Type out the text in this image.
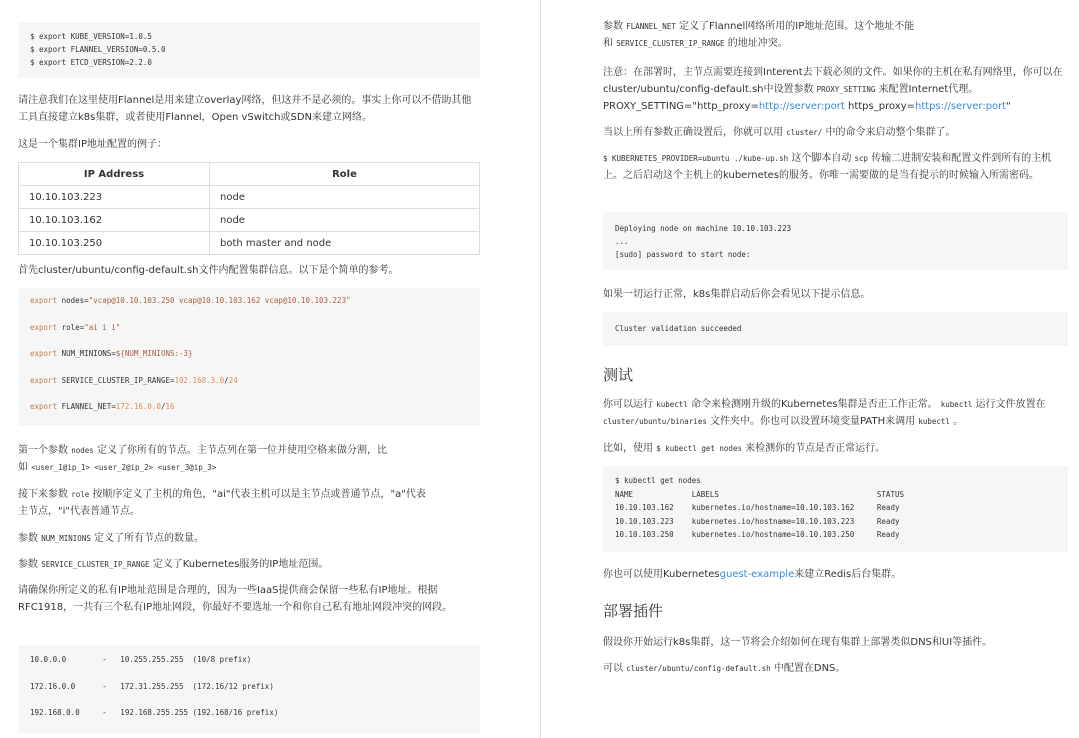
$ export KUBE_VERSION=1.0.5
$ export FLANNEL_VERSION=0.5.0
$ export ETCD_VERSION=2.2.0

请注意我们在这里使用Flannel是用来建立overlay网络，但这并不是必须的。事实上你可以不借助其他工具直接建立k8s集群，或者使用Flannel，Open vSwitch或SDN来建立网络。

这是一个集群IP地址配置的例子：

IP Address	Role
10.10.103.223	node
10.10.103.162	node
10.10.103.250	both master and node

首先cluster/ubuntu/config-default.sh文件内配置集群信息。以下是个简单的参考。

export nodes="vcap@10.10.103.250 vcap@10.10.103.162 vcap@10.10.103.223"
export role="ai i i"
export NUM_MINIONS=${NUM_MINIONS:-3}
export SERVICE_CLUSTER_IP_RANGE=192.168.3.0/24
export FLANNEL_NET=172.16.0.0/16

第一个参数 nodes 定义了你所有的节点。主节点列在第一位并使用空格来做分割，比
如 <user_1@ip_1> <user_2@ip_2> <user_3@ip_3>

接下来参数 role 按顺序定义了主机的角色，"ai"代表主机可以是主节点或普通节点，"a"代表
主节点，"i"代表普通节点。

参数 NUM_MINIONS 定义了所有节点的数量。

参数 SERVICE_CLUSTER_IP_RANGE 定义了Kubernetes服务的IP地址范围。

请确保你所定义的私有IP地址范围是合理的，因为一些IaaS提供商会保留一些私有IP地址。根据RFC1918，一共有三个私有IP地址网段，你最好不要选址一个和你自己私有地址网段冲突的网段。

10.0.0.0        -   10.255.255.255  (10/8 prefix)
172.16.0.0      -   172.31.255.255  (172.16/12 prefix)
192.168.0.0     -   192.168.255.255 (192.168/16 prefix)

参数 FLANNEL_NET 定义了Flannel网络所用的IP地址范围。这个地址不能
和 SERVICE_CLUSTER_IP_RANGE 的地址冲突。

注意：在部署时，主节点需要连接到Interent去下载必须的文件。如果你的主机在私有网络里，你可以在cluster/ubuntu/config-default.sh中设置参数 PROXY_SETTING 来配置Internet代理。 PROXY_SETTING="http_proxy=http://server:port https_proxy=https://server:port"

当以上所有参数正确设置后，你就可以用 cluster/ 中的命令来启动整个集群了。

$ KUBERNETES_PROVIDER=ubuntu ./kube-up.sh 这个脚本自动 scp 传输二进制安装和配置文件到所有的主机上。之后启动这个主机上的kubernetes的服务。你唯一需要做的是当有提示的时候输入所需密码。

Deploying node on machine 10.10.103.223
...
[sudo] password to start node:

如果一切运行正常，k8s集群启动后你会看见以下提示信息。

Cluster validation succeeded
测试

你可以运行 kubectl 命令来检测刚升级的Kubernetes集群是否正工作正常。 kubectl 运行文件放置在 cluster/ubuntu/binaries 文件夹中。你也可以设置环境变量PATH来调用 kubectl 。

比如，使用 $ kubectl get nodes 来检测你的节点是否正常运行。

$ kubectl get nodes
NAME             LABELS                                   STATUS
10.10.103.162    kubernetes.io/hostname=10.10.103.162     Ready
10.10.103.223    kubernetes.io/hostname=10.10.103.223     Ready
10.10.103.250    kubernetes.io/hostname=10.10.103.250     Ready

你也可以使用Kubernetesguest-example来建立Redis后台集群。

部署插件

假设你开始运行k8s集群，这一节将会介绍如何在现有集群上部署类似DNS和UI等插件。

可以 cluster/ubuntu/config-default.sh 中配置在DNS。
